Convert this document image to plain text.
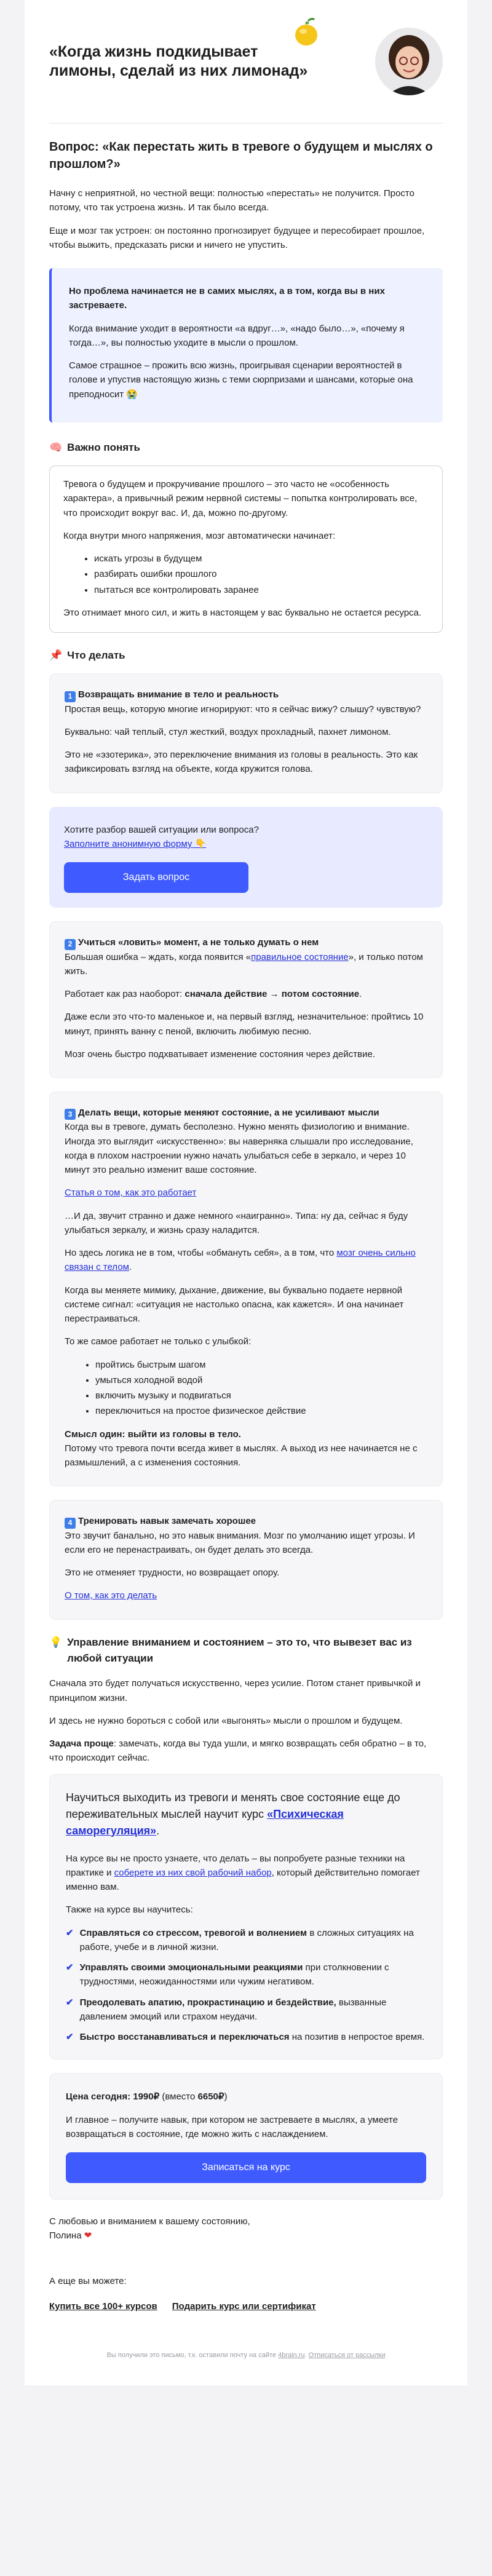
«Когда жизнь подкидывает лимоны, сделай из них лимонад»
Вопрос: «Как перестать жить в тревоге о будущем и мыслях о прошлом?»

Начну с неприятной, но честной вещи: полностью «перестать» не получится. Просто потому, что так устроена жизнь. И так было всегда.

Еще и мозг так устроен: он постоянно прогнозирует будущее и пересобирает прошлое, чтобы выжить, предсказать риски и ничего не упустить.

Но проблема начинается не в самих мыслях, а в том, когда вы в них застреваете.

Когда внимание уходит в вероятности «а вдруг…», «надо было…», «почему я тогда…», вы полностью уходите в мысли о прошлом.

Самое страшное – прожить всю жизнь, проигрывая сценарии вероятностей в голове и упустив настоящую жизнь с теми сюрпризами и шансами, которые она преподносит 😭

🧠 Важно понять

Тревога о будущем и прокручивание прошлого – это часто не «особенность характера», а привычный режим нервной системы – попытка контролировать все, что происходит вокруг вас. И, да, можно по-другому.

Когда внутри много напряжения, мозг автоматически начинает:

• искать угрозы в будущем
• разбирать ошибки прошлого
• пытаться все контролировать заранее

Это отнимает много сил, и жить в настоящем у вас буквально не остается ресурса.

📌 Что делать
1 Возвращать внимание в тело и реальность

Простая вещь, которую многие игнорируют: что я сейчас вижу? слышу? чувствую?

Буквально: чай теплый, стул жесткий, воздух прохладный, пахнет лимоном.

Это не «эзотерика», это переключение внимания из головы в реальность. Это как зафиксировать взгляд на объекте, когда кружится голова.

Хотите разбор вашей ситуации или вопроса?
Заполните анонимную форму 👇
Задать вопрос
2 Учиться «ловить» момент, а не только думать о нем

Большая ошибка – ждать, когда появится «правильное состояние», и только потом жить.

Работает как раз наоборот: сначала действие → потом состояние.

Даже если это что-то маленькое и, на первый взгляд, незначительное: пройтись 10 минут, принять ванну с пеной, включить любимую песню.

Мозг очень быстро подхватывает изменение состояния через действие.

3 Делать вещи, которые меняют состояние, а не усиливают мысли

Когда вы в тревоге, думать бесполезно. Нужно менять физиологию и внимание. Иногда это выглядит «искусственно»: вы наверняка слышали про исследование, когда в плохом настроении нужно начать улыбаться себе в зеркало, и через 10 минут это реально изменит ваше состояние.

Статья о том, как это работает

…И да, звучит странно и даже немного «наигранно». Типа: ну да, сейчас я буду улыбаться зеркалу, и жизнь сразу наладится.

Но здесь логика не в том, чтобы «обмануть себя», а в том, что мозг очень сильно связан с телом.

Когда вы меняете мимику, дыхание, движение, вы буквально подаете нервной системе сигнал: «ситуация не настолько опасна, как кажется». И она начинает перестраиваться.

То же самое работает не только с улыбкой:

• пройтись быстрым шагом
• умыться холодной водой
• включить музыку и подвигаться
• переключиться на простое физическое действие
Смысл один: выйти из головы в тело.

Потому что тревога почти всегда живет в мыслях. А выход из нее начинается не с размышлений, а с изменения состояния.

4 Тренировать навык замечать хорошее

Это звучит банально, но это навык внимания. Мозг по умолчанию ищет угрозы. И если его не перенастраивать, он будет делать это всегда.

Это не отменяет трудности, но возвращает опору.

О том, как это делать

💡 Управление вниманием и состоянием – это то, что вывезет вас из любой ситуации

Сначала это будет получаться искусственно, через усилие. Потом станет привычкой и принципом жизни.

И здесь не нужно бороться с собой или «выгонять» мысли о прошлом и будущем.

Задача проще: замечать, когда вы туда ушли, и мягко возвращать себя обратно – в то, что происходит сейчас.

Научиться выходить из тревоги и менять свое состояние еще до переживательных мыслей научит курс «Психическая саморегуляция».

На курсе вы не просто узнаете, что делать – вы попробуете разные техники на практике и соберете из них свой рабочий набор, который действительно помогает именно вам.

Также на курсе вы научитесь:

✔ Справляться со стрессом, тревогой и волнением в сложных ситуациях на работе, учебе и в личной жизни.
✔ Управлять своими эмоциональными реакциями при столкновении с трудностями, неожиданностями или чужим негативом.
✔ Преодолевать апатию, прокрастинацию и бездействие, вызванные давлением эмоций или страхом неудачи.
✔ Быстро восстанавливаться и переключаться на позитив в непростое время.

Цена сегодня: 1990₽ (вместо 6650₽)

И главное – получите навык, при котором не застреваете в мыслях, а умеете возвращаться в состояние, где можно жить с наслаждением.

Записаться на курс
С любовью и вниманием к вашему состоянию,
Полина ❤
А еще вы можете:
Купить все 100+ курсов Подарить курс или сертификат
Вы получили это письмо, т.к. оставили почту на сайте 4brain.ru. Отписаться от рассылки
